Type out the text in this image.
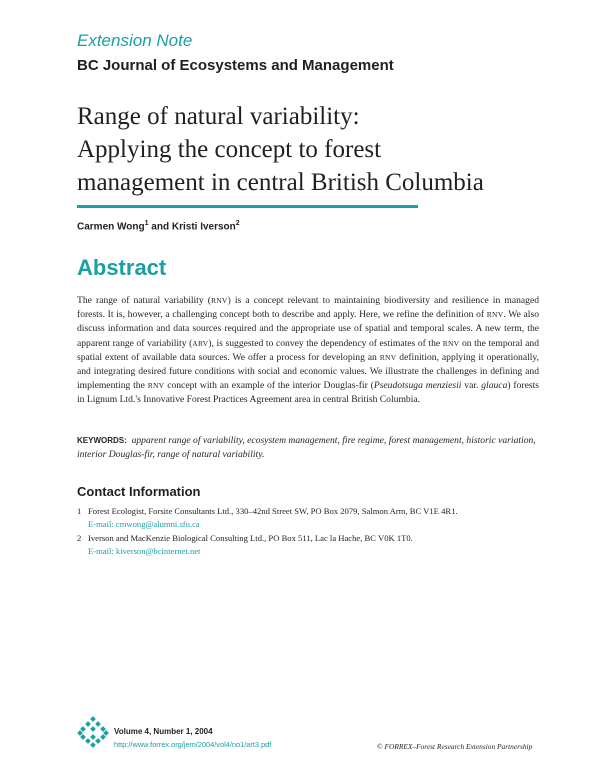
Extension Note
BC Journal of Ecosystems and Management
Range of natural variability:
Applying the concept to forest
management in central British Columbia
Carmen Wong$^1$ and Kristi Iverson$^2$
Abstract
The range of natural variability (RNV) is a concept relevant to maintaining biodiversity and resilience in managed forests. It is, however, a challenging concept both to describe and apply. Here, we refine the definition of RNV. We also discuss information and data sources required and the appropriate use of spatial and temporal scales. A new term, the apparent range of variability (ARV), is suggested to convey the dependency of estimates of the RNV on the temporal and spatial extent of available data sources. We offer a process for developing an RNV definition, applying it operationally, and integrating desired future conditions with social and economic values. We illustrate the challenges in defining and implementing the RNV concept with an example of the interior Douglas-fir (Pseudotsuga menziesii var. glauca) forests in Lignum Ltd.'s Innovative Forest Practices Agreement area in central British Columbia.
KEYWORDS: apparent range of variability, ecosystem management, fire regime, forest management, historic variation, interior Douglas-fir, range of natural variability.
Contact Information
1 Forest Ecologist, Forsite Consultants Ltd., 330–42nd Street SW, PO Box 2079, Salmon Arm, BC V1E 4R1.
E-mail: cmwong@alumni.sfu.ca
2 Iverson and MacKenzie Biological Consulting Ltd., PO Box 511, Lac la Hache, BC V0K 1T0.
E-mail: kiverson@bcinternet.net
Volume 4, Number 1, 2004
http://www.forrex.org/jem/2004/vol4/no1/art3.pdf	© FORREX–Forest Research Extension Partnership
